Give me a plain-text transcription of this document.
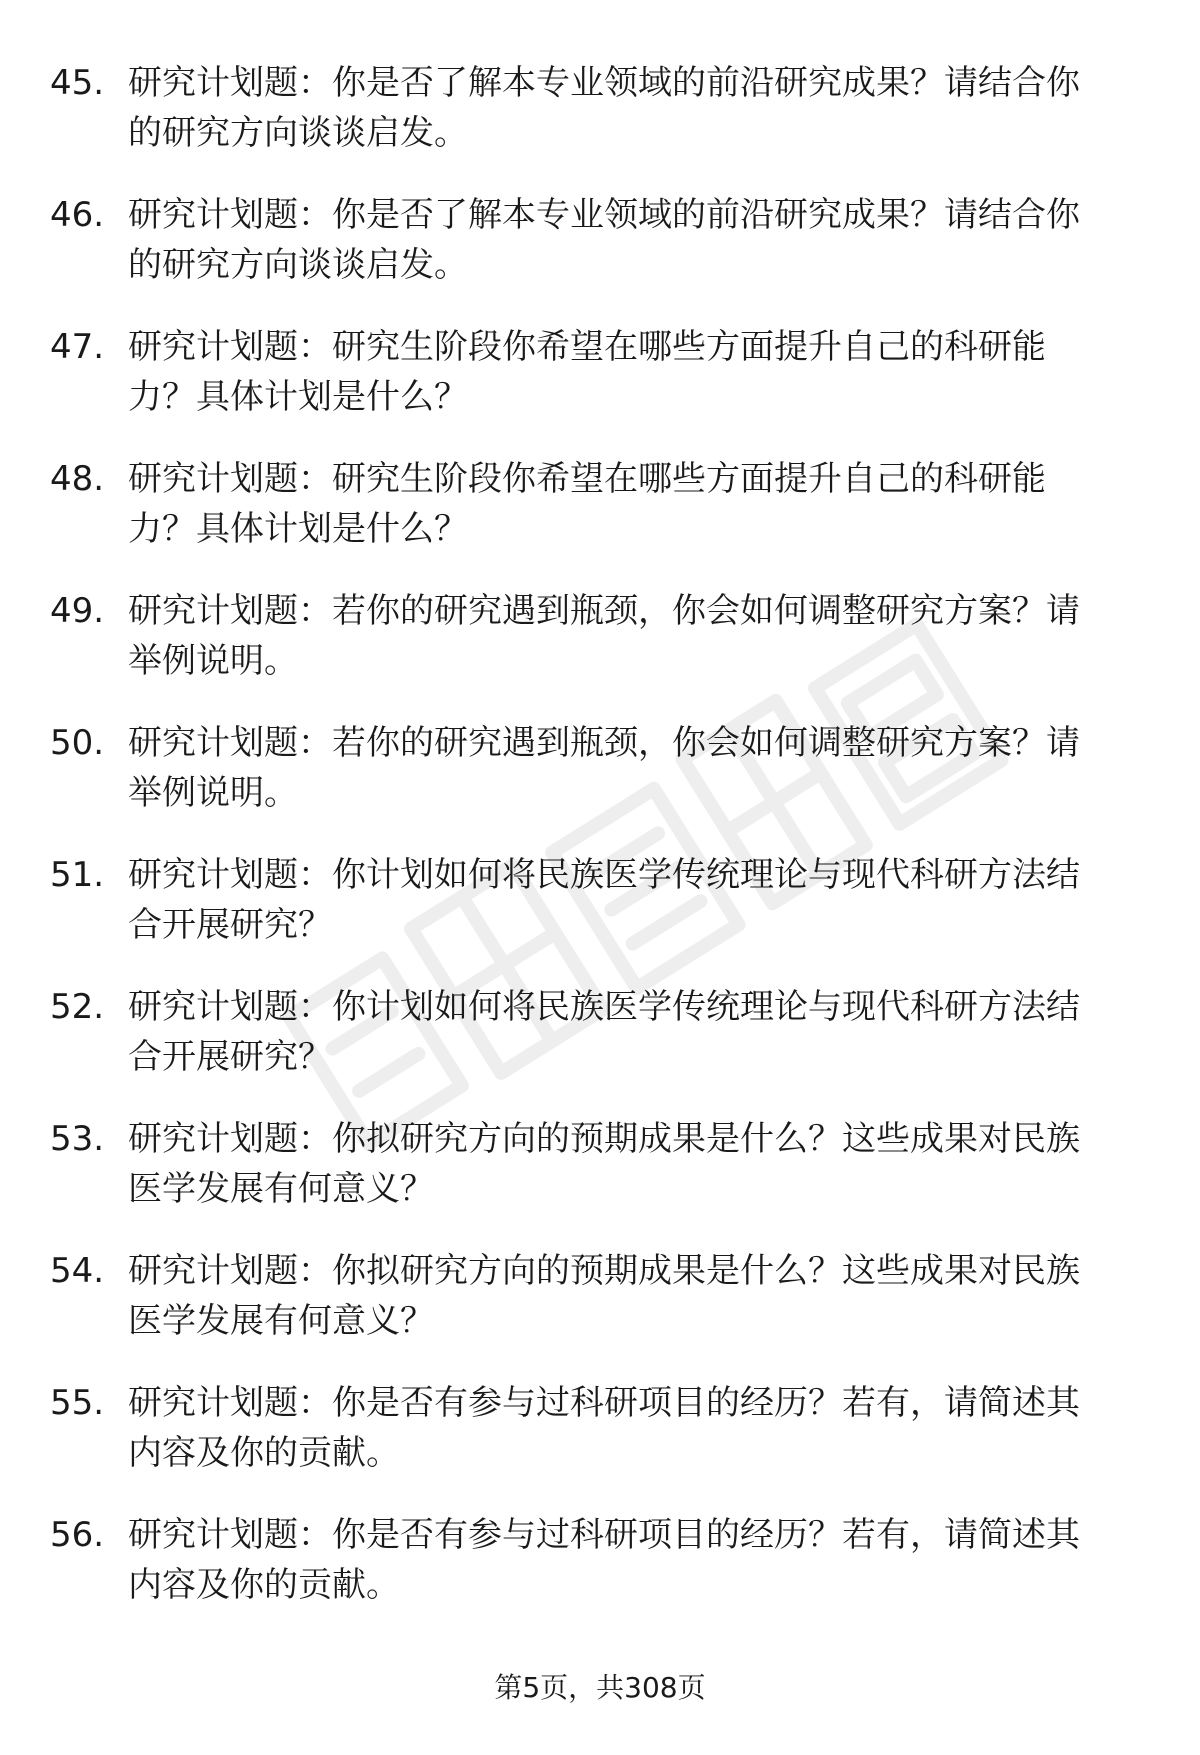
45. 研究计划题：你是否了解本专业领域的前沿研究成果？请结合你
的研究方向谈谈启发。
46. 研究计划题：你是否了解本专业领域的前沿研究成果？请结合你
的研究方向谈谈启发。
47. 研究计划题：研究生阶段你希望在哪些方面提升自己的科研能
力？具体计划是什么？
48. 研究计划题：研究生阶段你希望在哪些方面提升自己的科研能
力？具体计划是什么？
49. 研究计划题：若你的研究遇到瓶颈，你会如何调整研究方案？请
举例说明。
50. 研究计划题：若你的研究遇到瓶颈，你会如何调整研究方案？请
举例说明。
51. 研究计划题：你计划如何将民族医学传统理论与现代科研方法结
合开展研究？
52. 研究计划题：你计划如何将民族医学传统理论与现代科研方法结
合开展研究？
53. 研究计划题：你拟研究方向的预期成果是什么？这些成果对民族
医学发展有何意义？
54. 研究计划题：你拟研究方向的预期成果是什么？这些成果对民族
医学发展有何意义？
55. 研究计划题：你是否有参与过科研项目的经历？若有，请简述其
内容及你的贡献。
56. 研究计划题：你是否有参与过科研项目的经历？若有，请简述其
内容及你的贡献。
第5页，共308页
